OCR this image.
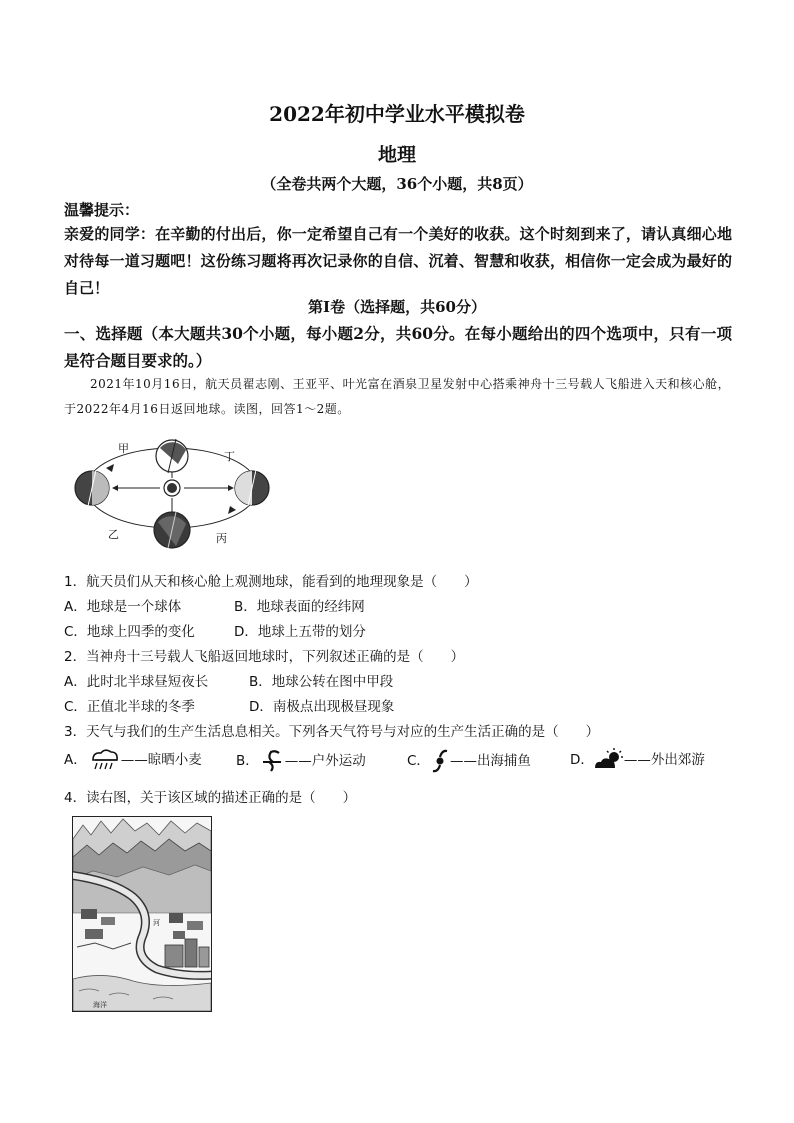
2022年初中学业水平模拟卷
地理
（全卷共两个大题，36个小题，共8页）
温馨提示：
亲爱的同学：在辛勤的付出后，你一定希望自己有一个美好的收获。这个时刻到来了，请认真细心地对待每一道习题吧！这份练习题将再次记录你的自信、沉着、智慧和收获，相信你一定会成为最好的自己！
第Ⅰ卷（选择题，共60分）
一、选择题（本大题共30个小题，每小题2分，共60分。在每小题给出的四个选项中，只有一项是符合题目要求的。）
2021年10月16日，航天员翟志刚、王亚平、叶光富在酒泉卫星发射中心搭乘神舟十三号载人飞船进入天和核心舱，于2022年4月16日返回地球。读图，回答1～2题。
甲
乙	丙
丁
1．航天员们从天和核心舱上观测地球，能看到的地理现象是（　　）
A．地球是一个球体	B．地球表面的经纬网
C．地球上四季的变化	D．地球上五带的划分
2．当神舟十三号载人飞船返回地球时，下列叙述正确的是（　　）
A．此时北半球昼短夜长	B．地球公转在图中甲段
C．正值北半球的冬季	D．南极点出现极昼现象
3．天气与我们的生产生活息息相关。下列各天气符号与对应的生产生活正确的是（　　）
A．	——晾晒小麦	B． ——户外运动	C． ——出海捕鱼	D． ——外出郊游
4．读右图，关于该区域的描述正确的是（　　）
河
海洋
